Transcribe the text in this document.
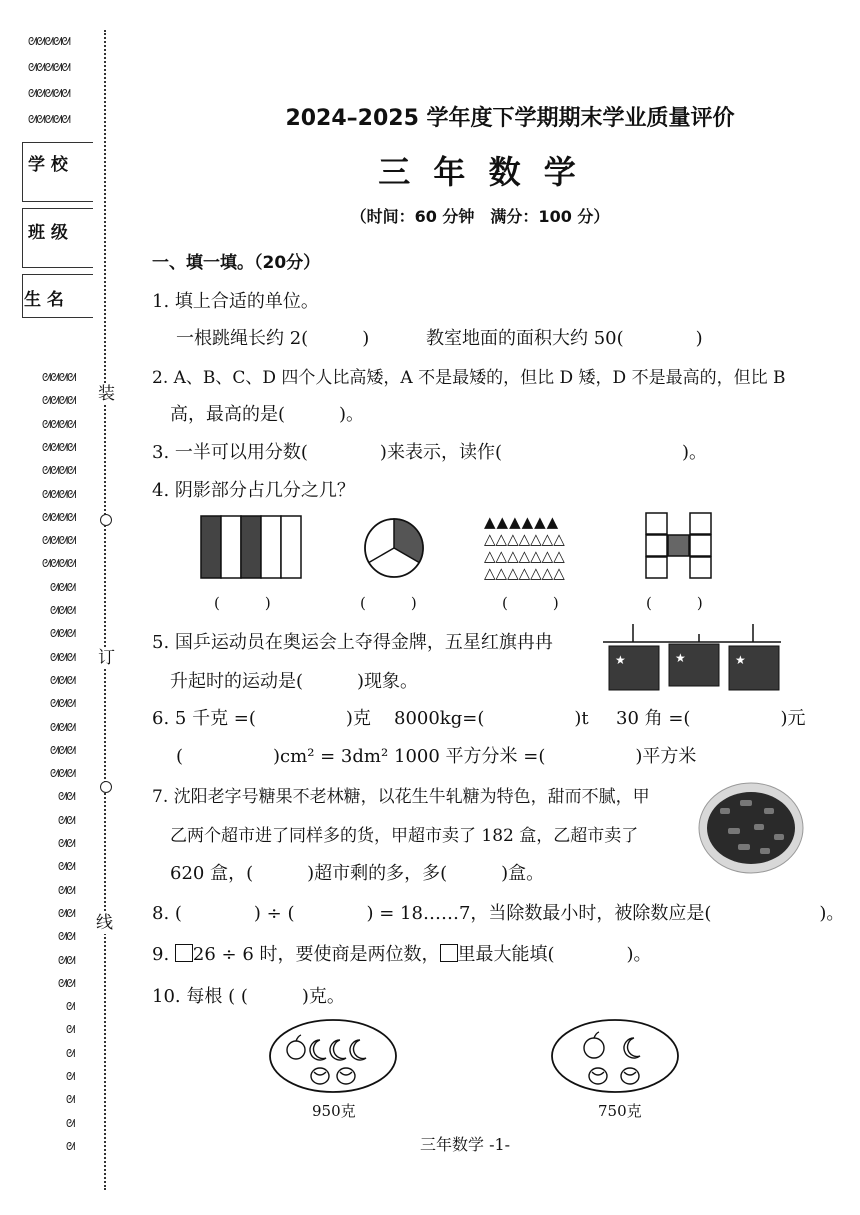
ᘛᘛᘛᘛᘛ
ᘛᘛᘛᘛᘛ
ᘛᘛᘛᘛᘛ
ᘛᘛᘛᘛᘛ
学 校
班 级
生 名
ᘛᘛᘛᘛ
ᘛᘛᘛᘛ
ᘛᘛᘛᘛ
ᘛᘛᘛᘛ
ᘛᘛᘛᘛ
ᘛᘛᘛᘛ
ᘛᘛᘛᘛ
ᘛᘛᘛᘛ
ᘛᘛᘛᘛ
ᘛᘛᘛ
ᘛᘛᘛ
ᘛᘛᘛ
ᘛᘛᘛ
ᘛᘛᘛ
ᘛᘛᘛ
ᘛᘛᘛ
ᘛᘛᘛ
ᘛᘛᘛ
ᘛᘛ
ᘛᘛ
ᘛᘛ
ᘛᘛ
ᘛᘛ
ᘛᘛ
ᘛᘛ
ᘛᘛ
ᘛᘛ
ᘛ
ᘛ
ᘛ
ᘛ
ᘛ
ᘛ
ᘛ
装
订
线
2024–2025 学年度下学期期末学业质量评价
三 年 数 学
（时间：60 分钟　满分：100 分）
一、填一填。（20分）
1. 填上合适的单位。
一根跳绳长约 2(　　　)	教室地面的面积大约 50(　　　　)
2. A、B、C、D 四个人比高矮，A 不是最矮的，但比 D 矮，D 不是最高的，但比 B
高，最高的是(　　　)。
3. 一半可以用分数(　　　　)来表示，读作(　　　　　　　　　　)。
4. 阴影部分占几分之几？
▲▲▲▲▲▲
△△△△△△△
△△△△△△△
△△△△△△△
(　　　)	(　　　)	(　　　)	(　　　)
5. 国乒运动员在奥运会上夺得金牌，五星红旗冉冉
升起时的运动是(　　　)现象。
★	★	★
6. 5 千克 =(　　　　　)克 8000kg=(　　　　　)t 30 角 =(　　　　　)元
(　　　　　)cm² = 3dm² 1000 平方分米 =(　　　　　)平方米
7. 沈阳老字号糖果不老林糖，以花生牛轧糖为特色，甜而不腻，甲
乙两个超市进了同样多的货，甲超市卖了 182 盒，乙超市卖了
620 盒，(　　　)超市剩的多，多(　　　)盒。
8. (　　　　) ÷ (　　　　) = 18……7，当除数最小时，被除数应是(　　　　　　)。
9. 26 ÷ 6 时，要使商是两位数， 里最大能填(　　　　)。
10. 每根 ( (　　　)克。
950克	750克
三年数学 -1-
